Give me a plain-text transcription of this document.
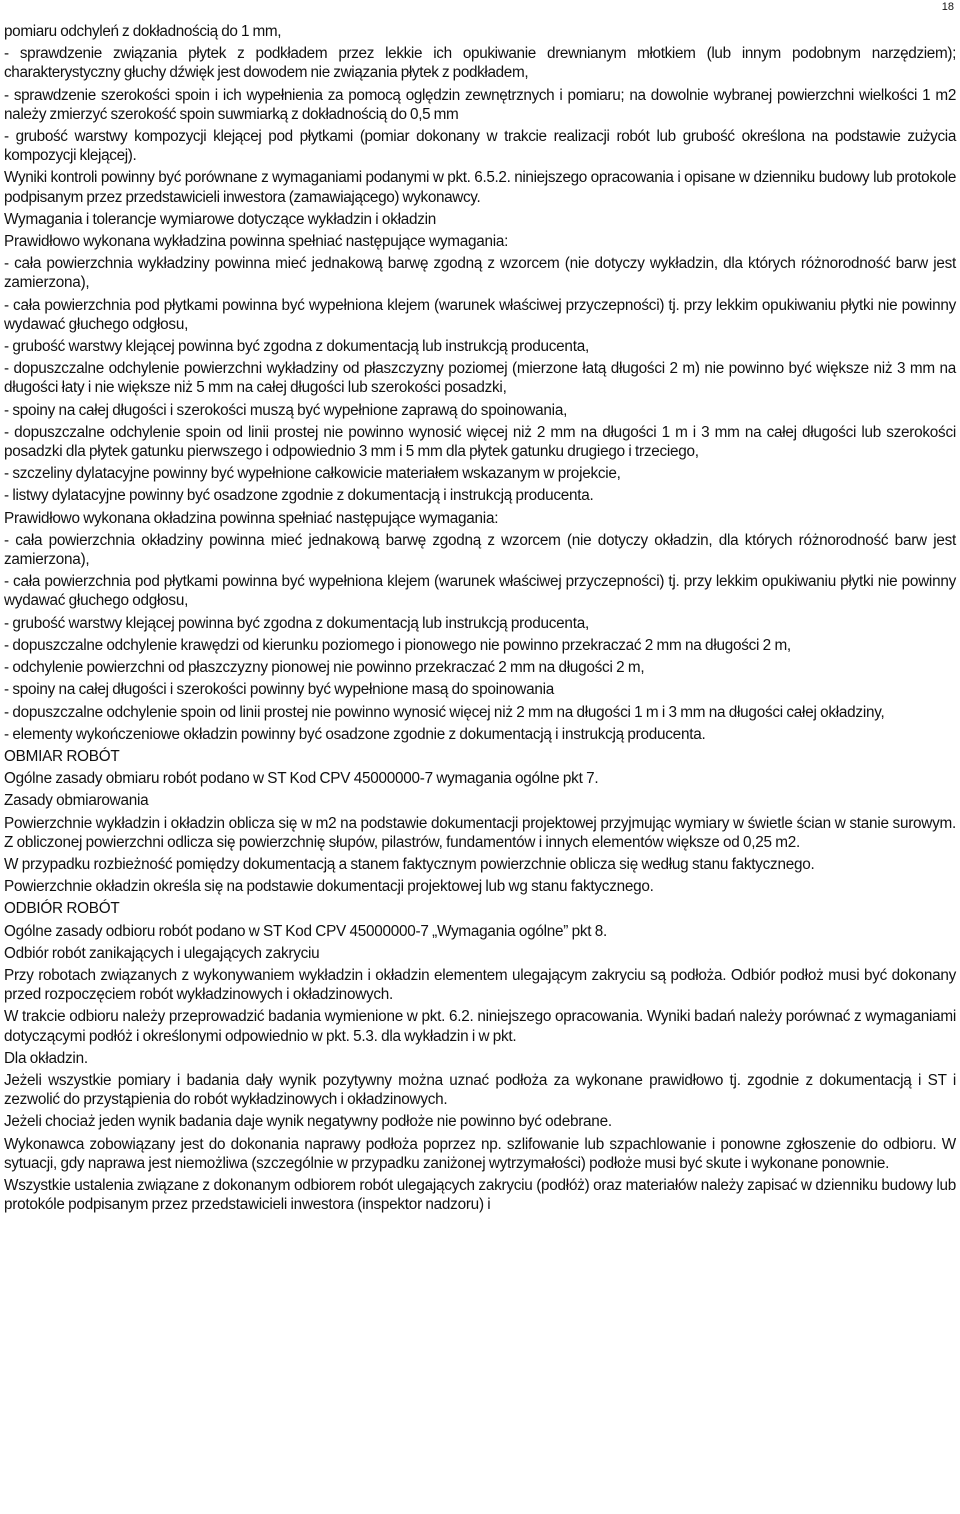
18

pomiaru odchyleń z dokładnością do 1 mm,

- sprawdzenie związania płytek z podkładem przez lekkie ich opukiwanie drewnianym młotkiem (lub innym podobnym narzędziem); charakterystyczny głuchy dźwięk jest dowodem nie związania płytek z podkładem,

- sprawdzenie szerokości spoin i ich wypełnienia za pomocą oględzin zewnętrznych i pomiaru; na dowolnie wybranej powierzchni wielkości 1 m2 należy zmierzyć szerokość spoin suwmiarką z dokładnością do 0,5 mm

- grubość warstwy kompozycji klejącej pod płytkami (pomiar dokonany w trakcie realizacji robót lub grubość określona na podstawie zużycia kompozycji klejącej).

Wyniki kontroli powinny być porównane z wymaganiami podanymi w pkt. 6.5.2. niniejszego opracowania i opisane w dzienniku budowy lub protokole podpisanym przez przedstawicieli inwestora (zamawiającego) wykonawcy.

Wymagania i tolerancje wymiarowe dotyczące wykładzin i okładzin

Prawidłowo wykonana wykładzina powinna spełniać następujące wymagania:

- cała powierzchnia wykładziny powinna mieć jednakową barwę zgodną z wzorcem (nie dotyczy wykładzin, dla których różnorodność barw jest zamierzona),

- cała powierzchnia pod płytkami powinna być wypełniona klejem (warunek właściwej przyczepności) tj. przy lekkim opukiwaniu płytki nie powinny wydawać głuchego odgłosu,

- grubość warstwy klejącej powinna być zgodna z dokumentacją lub instrukcją producenta,

- dopuszczalne odchylenie powierzchni wykładziny od płaszczyzny poziomej (mierzone łatą długości 2 m) nie powinno być większe niż 3 mm na długości łaty i nie większe niż 5 mm na całej długości lub szerokości posadzki,

- spoiny na całej długości i szerokości muszą być wypełnione zaprawą do spoinowania,

- dopuszczalne odchylenie spoin od linii prostej nie powinno wynosić więcej niż 2 mm na długości 1 m i 3 mm na całej długości lub szerokości posadzki dla płytek gatunku pierwszego i odpowiednio 3 mm i 5 mm dla płytek gatunku drugiego i trzeciego,

- szczeliny dylatacyjne powinny być wypełnione całkowicie materiałem wskazanym w projekcie,

- listwy dylatacyjne powinny być osadzone zgodnie z dokumentacją i instrukcją producenta.

Prawidłowo wykonana okładzina powinna spełniać następujące wymagania:

- cała powierzchnia okładziny powinna mieć jednakową barwę zgodną z wzorcem (nie dotyczy okładzin, dla których różnorodność barw jest zamierzona),

- cała powierzchnia pod płytkami powinna być wypełniona klejem (warunek właściwej przyczepności) tj. przy lekkim opukiwaniu płytki nie powinny wydawać głuchego odgłosu,

- grubość warstwy klejącej powinna być zgodna z dokumentacją lub instrukcją producenta,

- dopuszczalne odchylenie krawędzi od kierunku poziomego i pionowego nie powinno przekraczać 2 mm na długości 2 m,

- odchylenie powierzchni od płaszczyzny pionowej nie powinno przekraczać 2 mm na długości 2 m,

- spoiny na całej długości i szerokości powinny być wypełnione masą do spoinowania

- dopuszczalne odchylenie spoin od linii prostej nie powinno wynosić więcej niż 2 mm na długości 1 m i 3 mm na długości całej okładziny,

- elementy wykończeniowe okładzin powinny być osadzone zgodnie z dokumentacją i instrukcją producenta.

OBMIAR ROBÓT

Ogólne zasady obmiaru robót podano w ST Kod CPV 45000000-7 wymagania ogólne pkt 7.

Zasady obmiarowania

Powierzchnie wykładzin i okładzin oblicza się w m2 na podstawie dokumentacji projektowej przyjmując wymiary w świetle ścian w stanie surowym. Z obliczonej powierzchni odlicza się powierzchnię słupów, pilastrów, fundamentów i innych elementów większe od 0,25 m2.

W przypadku rozbieżność pomiędzy dokumentacją a stanem faktycznym powierzchnie oblicza się według stanu faktycznego.

Powierzchnie okładzin określa się na podstawie dokumentacji projektowej lub wg stanu faktycznego.

ODBIÓR ROBÓT

Ogólne zasady odbioru robót podano w ST Kod CPV 45000000-7 „Wymagania ogólne” pkt 8.

Odbiór robót zanikających i ulegających zakryciu

Przy robotach związanych z wykonywaniem wykładzin i okładzin elementem ulegającym zakryciu są podłoża. Odbiór podłoż musi być dokonany przed rozpoczęciem robót wykładzinowych i okładzinowych.

W trakcie odbioru należy przeprowadzić badania wymienione w pkt. 6.2. niniejszego opracowania. Wyniki badań należy porównać z wymaganiami dotyczącymi podłóż i określonymi odpowiednio w pkt. 5.3. dla wykładzin i w pkt.

Dla okładzin.

Jeżeli wszystkie pomiary i badania dały wynik pozytywny można uznać podłoża za wykonane prawidłowo tj. zgodnie z dokumentacją i ST i zezwolić do przystąpienia do robót wykładzinowych i okładzinowych.

Jeżeli chociaż jeden wynik badania daje wynik negatywny podłoże nie powinno być odebrane.

Wykonawca zobowiązany jest do dokonania naprawy podłoża poprzez np. szlifowanie lub szpachlowanie i ponowne zgłoszenie do odbioru. W sytuacji, gdy naprawa jest niemożliwa (szczególnie w przypadku zaniżonej wytrzymałości) podłoże musi być skute i wykonane ponownie.

Wszystkie ustalenia związane z dokonanym odbiorem robót ulegających zakryciu (podłóż) oraz materiałów należy zapisać w dzienniku budowy lub protokóle podpisanym przez przedstawicieli inwestora (inspektor nadzoru) i
